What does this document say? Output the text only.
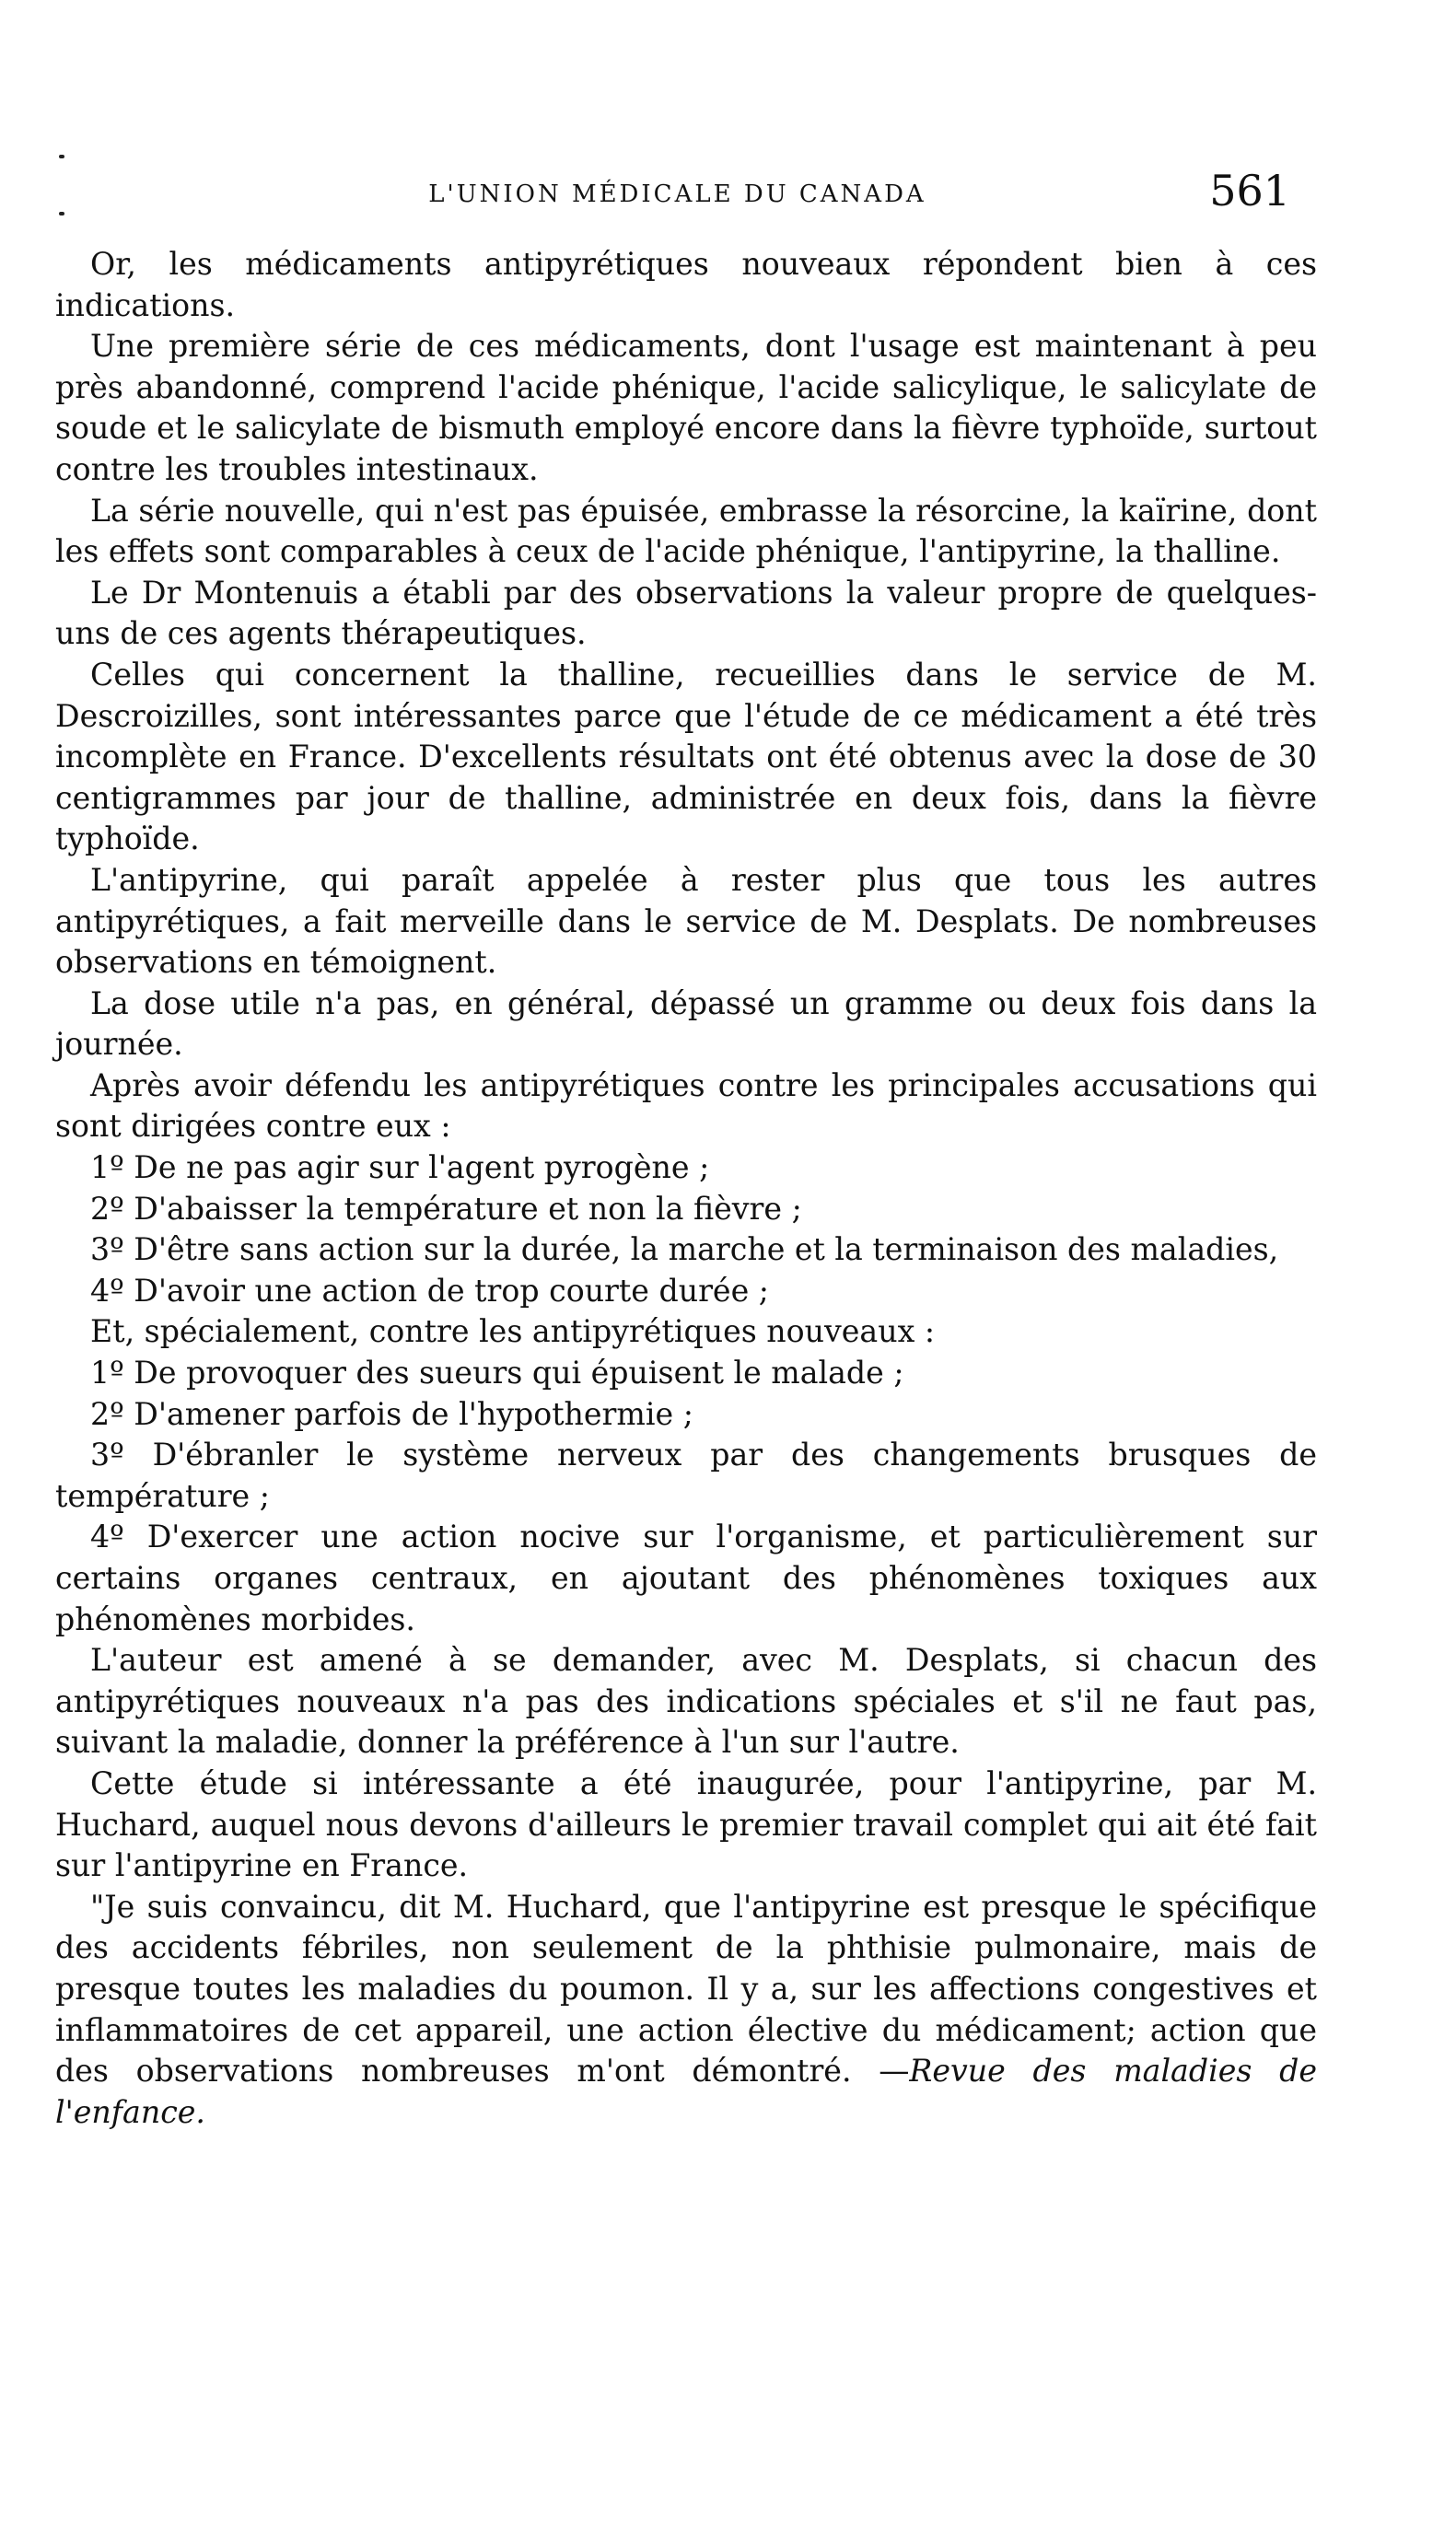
L'UNION MÉDICALE DU CANADA	561

Or, les médicaments antipyrétiques nouveaux répondent bien à ces indications.

Une première série de ces médicaments, dont l'usage est maintenant à peu près abandonné, comprend l'acide phénique, l'acide salicylique, le salicylate de soude et le salicylate de bismuth employé encore dans la fièvre typhoïde, surtout contre les troubles intestinaux.

La série nouvelle, qui n'est pas épuisée, embrasse la résorcine, la kaïrine, dont les effets sont comparables à ceux de l'acide phénique, l'antipyrine, la thalline.

Le Dr Montenuis a établi par des observations la valeur propre de quelques-uns de ces agents thérapeutiques.

Celles qui concernent la thalline, recueillies dans le service de M. Descroizilles, sont intéressantes parce que l'étude de ce médicament a été très incomplète en France. D'excellents résultats ont été obtenus avec la dose de 30 centigrammes par jour de thalline, administrée en deux fois, dans la fièvre typhoïde.

L'antipyrine, qui paraît appelée à rester plus que tous les autres antipyrétiques, a fait merveille dans le service de M. Desplats. De nombreuses observations en témoignent.

La dose utile n'a pas, en général, dépassé un gramme ou deux fois dans la journée.

Après avoir défendu les antipyrétiques contre les principales accusations qui sont dirigées contre eux :

1º De ne pas agir sur l'agent pyrogène ;

2º D'abaisser la température et non la fièvre ;

3º D'être sans action sur la durée, la marche et la terminaison des maladies,

4º D'avoir une action de trop courte durée ;

Et, spécialement, contre les antipyrétiques nouveaux :

1º De provoquer des sueurs qui épuisent le malade ;

2º D'amener parfois de l'hypothermie ;

3º D'ébranler le système nerveux par des changements brusques de température ;

4º D'exercer une action nocive sur l'organisme, et particulièrement sur certains organes centraux, en ajoutant des phénomènes toxiques aux phénomènes morbides.

L'auteur est amené à se demander, avec M. Desplats, si chacun des antipyrétiques nouveaux n'a pas des indications spéciales et s'il ne faut pas, suivant la maladie, donner la préférence à l'un sur l'autre.

Cette étude si intéressante a été inaugurée, pour l'antipyrine, par M. Huchard, auquel nous devons d'ailleurs le premier travail complet qui ait été fait sur l'antipyrine en France.

"Je suis convaincu, dit M. Huchard, que l'antipyrine est presque le spécifique des accidents fébriles, non seulement de la phthisie pulmonaire, mais de presque toutes les maladies du poumon. Il y a, sur les affections congestives et inflammatoires de cet appareil, une action élective du médicament; action que des observations nombreuses m'ont démontré. —Revue des maladies de l'enfance.
